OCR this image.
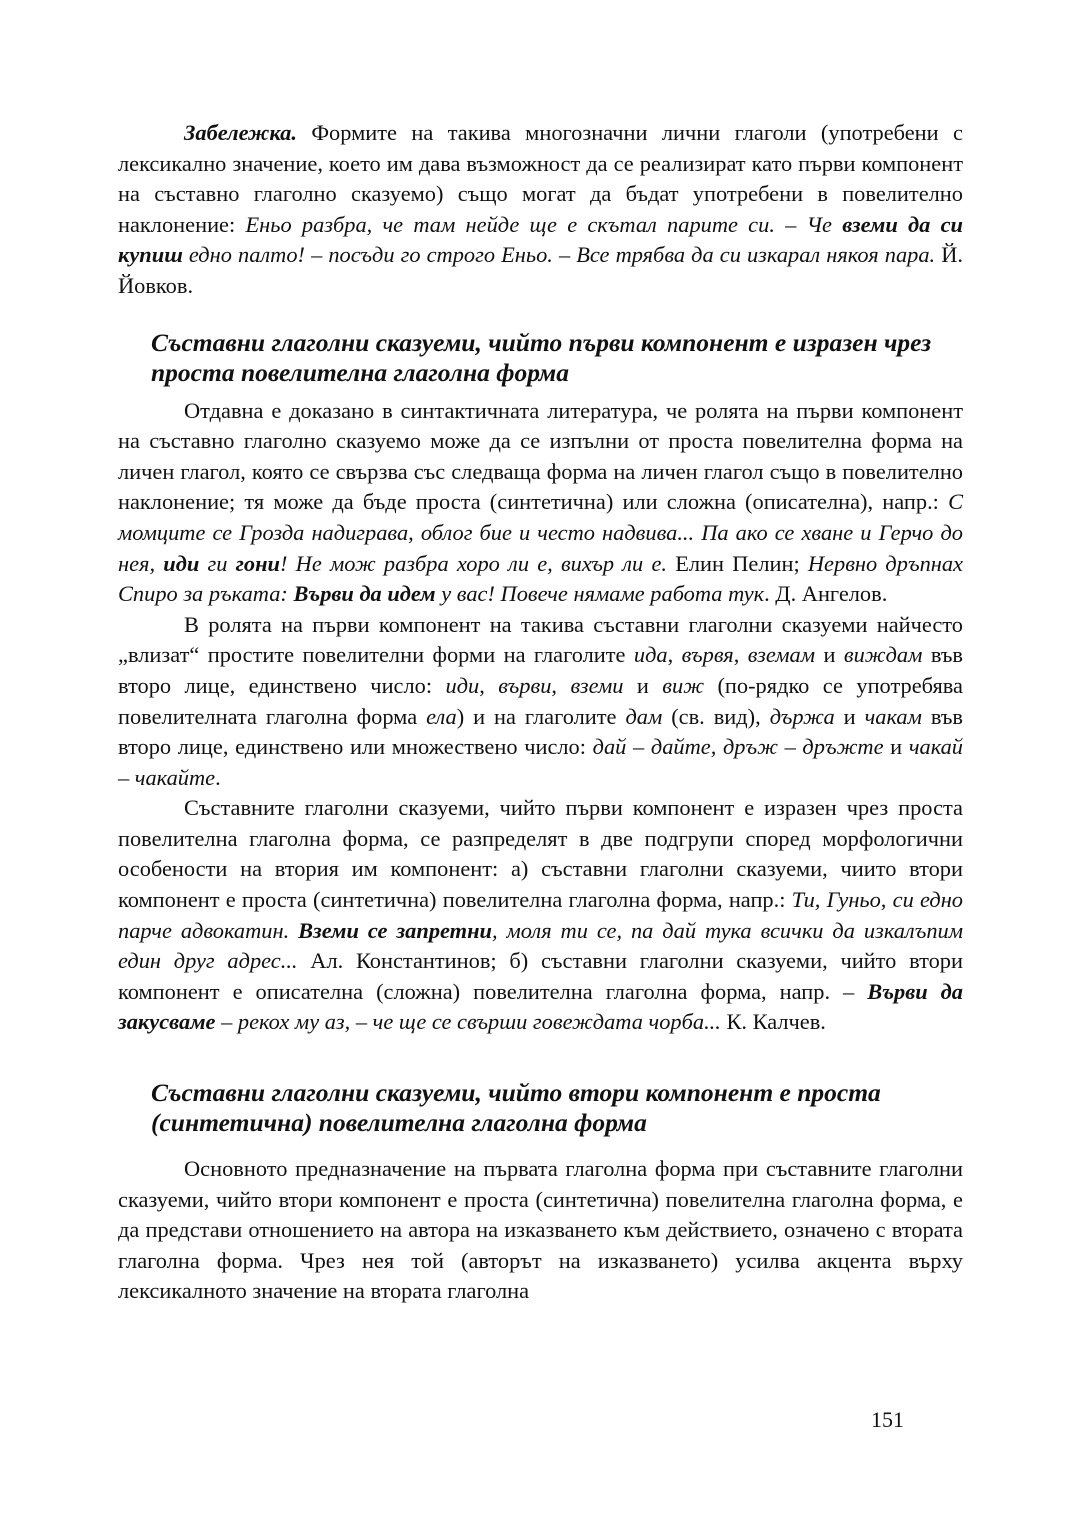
Забележка. Формите на такива многозначни лични глаголи (употребени с лексикално значение, което им дава възможност да се реализират като първи компонент на съставно глаголно сказуемо) също могат да бъдат употребени в повелително наклонение: Еньо разбра, че там нейде ще е скътал парите си. – Че вземи да си купиш едно палто! – посъди го строго Еньо. – Все трябва да си изкарал някоя пара. Й. Йовков.

Съставни глаголни сказуеми, чийто първи компонент е изразен чрез проста повелителна глаголна форма

Отдавна е доказано в синтактичната литература, че ролята на първи компонент на съставно глаголно сказуемо може да се изпълни от проста повелителна форма на личен глагол, която се свързва със следваща форма на личен глагол също в повелително наклонение; тя може да бъде проста (синтетична) или сложна (описателна), напр.: С момците се Грозда надиграва, облог бие и често надвива... Па ако се хване и Герчо до нея, иди ги гони! Не мож разбра хоро ли е, вихър ли е. Елин Пелин; Нервно дръпнах Спиро за ръката: Върви да идем у вас! Повече нямаме работа тук. Д. Ангелов.

В ролята на първи компонент на такива съставни глаголни сказуеми найчесто „влизат“ простите повелителни форми на глаголите ида, вървя, вземам и виждам във второ лице, единствено число: иди, върви, вземи и виж (по-рядко се употребява повелителната глаголна форма ела) и на глаголите дам (св. вид), държа и чакам във второ лице, единствено или множествено число: дай – дайте, дръж – дръжте и чакай – чакайте.

Съставните глаголни сказуеми, чийто първи компонент е изразен чрез проста повелителна глаголна форма, се разпределят в две подгрупи според морфологични особености на втория им компонент: а) съставни глаголни сказуеми, чиито втори компонент е проста (синтетична) повелителна глаголна форма, напр.: Ти, Гуньо, си едно парче адвокатин. Вземи се запретни, моля ти се, па дай тука всички да изкалъпим един друг адрес... Ал. Константинов; б) съставни глаголни сказуеми, чийто втори компонент е описателна (сложна) повелителна глаголна форма, напр. – Върви да закусваме – рекох му аз, – че ще се свърши говеждата чорба... К. Калчев.

Съставни глаголни сказуеми, чийто втори компонент е проста (синтетична) повелителна глаголна форма

Основното предназначение на първата глаголна форма при съставните глаголни сказуеми, чийто втори компонент е проста (синтетична) повелителна глаголна форма, е да представи отношението на автора на изказването към действието, означено с втората глаголна форма. Чрез нея той (авторът на изказването) усилва акцента върху лексикалното значение на втората глаголна

151
